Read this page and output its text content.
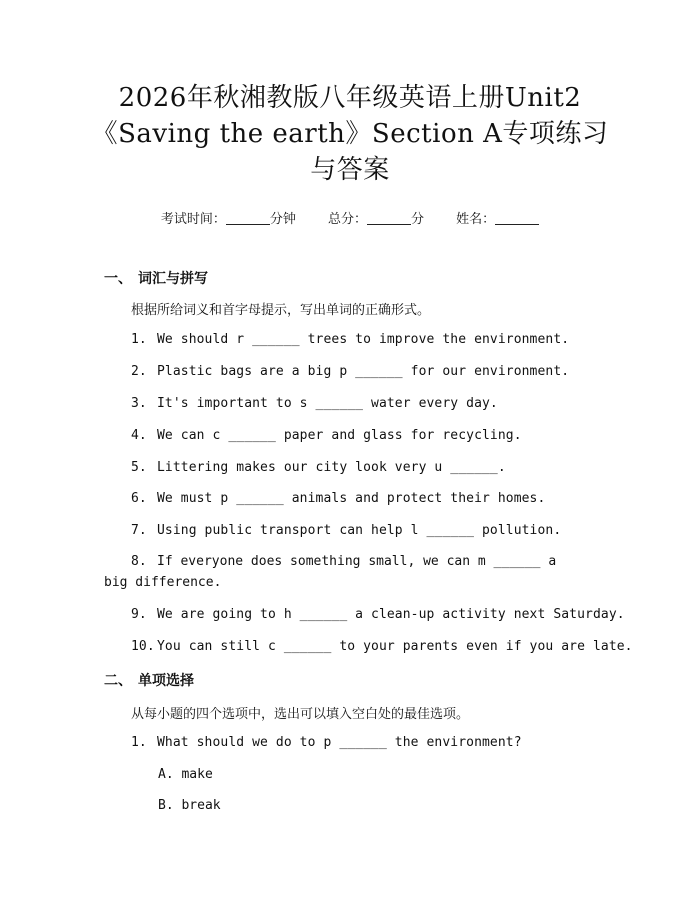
2026年秋湘教版八年级英语上册Unit2
《Saving the earth》Section A专项练习
与答案
考试时间：	分钟 总分：	分 姓名：
一、 词汇与拼写
根据所给词义和首字母提示，写出单词的正确形式。
1. We should r ______ trees to improve the environment.
2. Plastic bags are a big p ______ for our environment.
3. It's important to s ______ water every day.
4. We can c ______ paper and glass for recycling.
5. Littering makes our city look very u ______.
6. We must p ______ animals and protect their homes.
7. Using public transport can help l ______ pollution.
8. If everyone does something small, we can m ______ a big difference.
9. We are going to h ______ a clean-up activity next Saturday.
10. You can still c ______ to your parents even if you are late.
二、 单项选择
从每小题的四个选项中，选出可以填入空白处的最佳选项。
1. What should we do to p ______ the environment?
A. make
B. break
